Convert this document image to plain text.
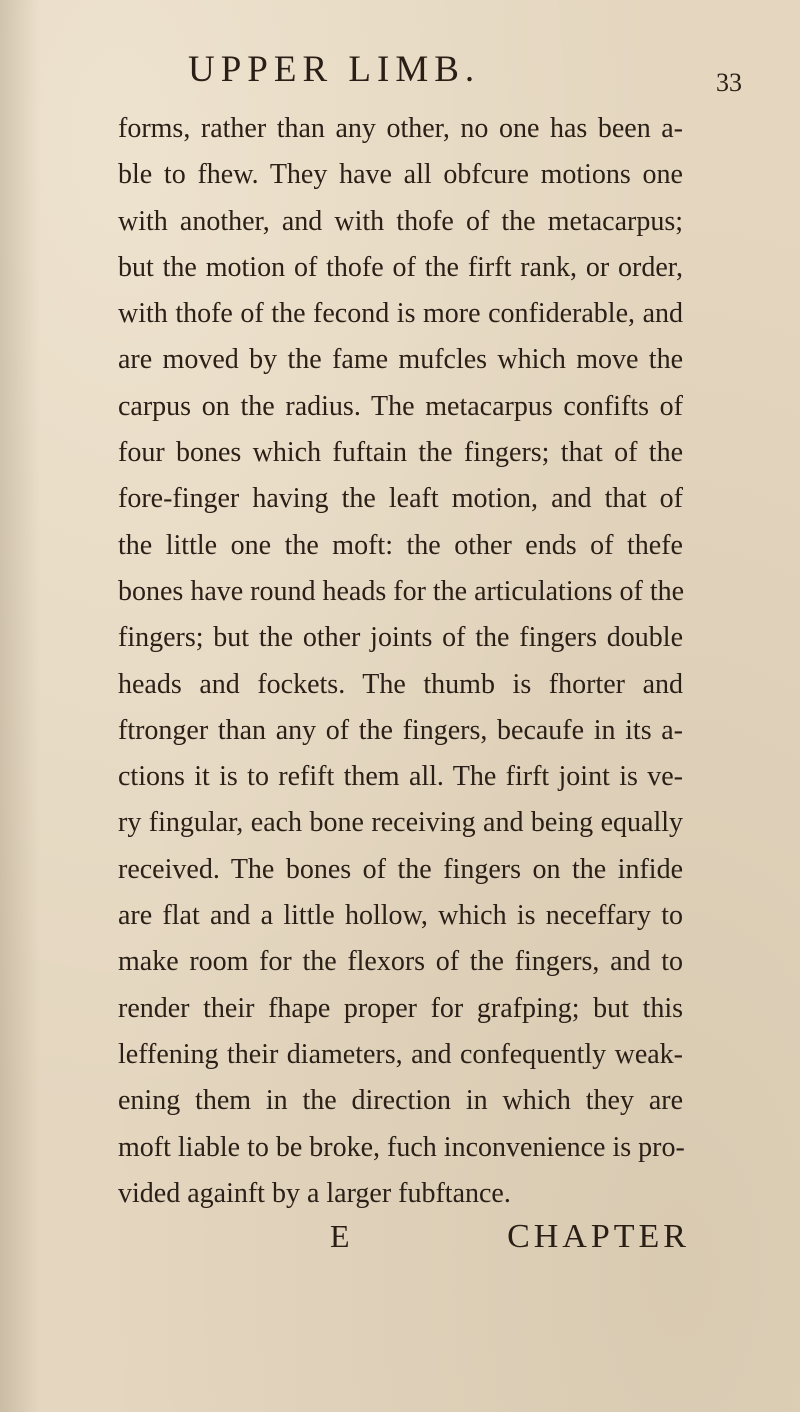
UPPER LIMB.	33
forms, rather than any other, no one has been a-
ble to fhew. They have all obfcure motions one
with another, and with thofe of the metacarpus;
but the motion of thofe of the firft rank, or order,
with thofe of the fecond is more confiderable, and
are moved by the fame mufcles which move the
carpus on the radius. The metacarpus confifts of
four bones which fuftain the fingers; that of the
fore-finger having the leaft motion, and that of
the little one the moft: the other ends of thefe
bones have round heads for the articulations of the
fingers; but the other joints of the fingers double
heads and fockets. The thumb is fhorter and
ftronger than any of the fingers, becaufe in its a-
ctions it is to refift them all. The firft joint is ve-
ry fingular, each bone receiving and being equally
received. The bones of the fingers on the infide
are flat and a little hollow, which is neceffary to
make room for the flexors of the fingers, and to
render their fhape proper for grafping; but this
leffening their diameters, and confequently weak-
ening them in the direction in which they are
moft liable to be broke, fuch inconvenience is pro-
vided againft by a larger fubftance.
E	CHAPTER
